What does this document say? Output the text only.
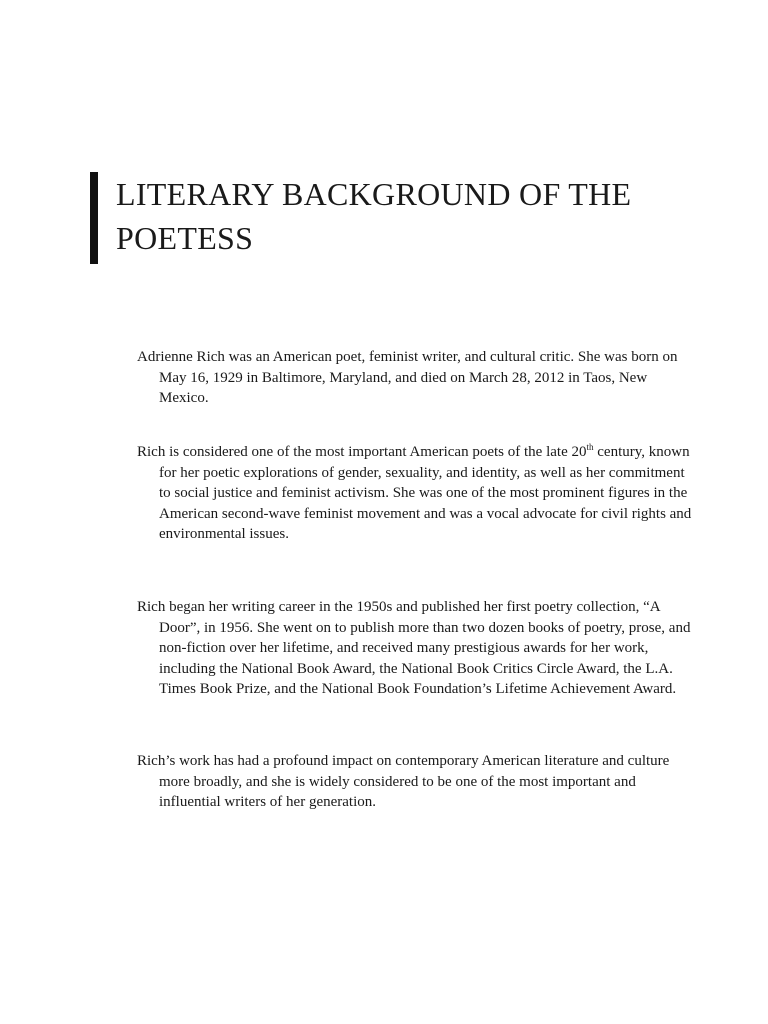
LITERARY BACKGROUND OF THE POETESS

Adrienne Rich was an American poet, feminist writer, and cultural critic. She was born on May 16, 1929 in Baltimore, Maryland, and died on March 28, 2012 in Taos, New Mexico.

Rich is considered one of the most important American poets of the late 20th century, known for her poetic explorations of gender, sexuality, and identity, as well as her commitment to social justice and feminist activism. She was one of the most prominent figures in the American second-wave feminist movement and was a vocal advocate for civil rights and environmental issues.

Rich began her writing career in the 1950s and published her first poetry collection, “A Door”, in 1956. She went on to publish more than two dozen books of poetry, prose, and non-fiction over her lifetime, and received many prestigious awards for her work, including the National Book Award, the National Book Critics Circle Award, the L.A. Times Book Prize, and the National Book Foundation’s Lifetime Achievement Award.

Rich’s work has had a profound impact on contemporary American literature and culture more broadly, and she is widely considered to be one of the most important and influential writers of her generation.
